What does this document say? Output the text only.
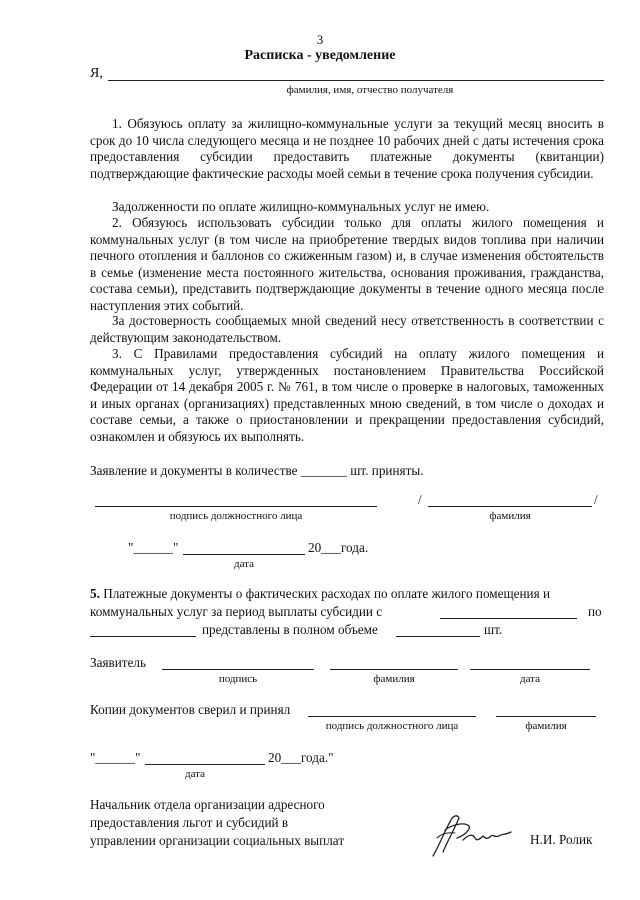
3
Расписка - уведомление
Я,
фамилия, имя, отчество получателя
1. Обязуюсь оплату за жилищно-коммунальные услуги за текущий месяц вносить в срок до 10 числа следующего месяца и не позднее 10 рабочих дней с даты истечения срока предоставления субсидии предоставить платежные документы (квитанции) подтверждающие фактические расходы моей семьи в течение срока получения субсидии.
Задолженности по оплате жилищно-коммунальных услуг не имею.
2. Обязуюсь использовать субсидии только для оплаты жилого помещения и коммунальных услуг (в том числе на приобретение твердых видов топлива при наличии печного отопления и баллонов со сжиженным газом) и, в случае изменения обстоятельств в семье (изменение места постоянного жительства, основания проживания, гражданства, состава семьи), представить подтверждающие документы в течение одного месяца после наступления этих событий.
За достоверность сообщаемых мной сведений несу ответственность в соответствии с действующим законодательством.
3. С Правилами предоставления субсидий на оплату жилого помещения и коммунальных услуг, утвержденных постановлением Правительства Российской Федерации от 14 декабря 2005 г. № 761, в том числе о проверке в налоговых, таможенных и иных органах (организациях) представленных мною сведений, в том числе о доходах и составе семьи, а также о приостановлении и прекращении предоставления субсидий, ознакомлен и обязуюсь их выполнять.
Заявление и документы в количестве _______ шт. приняты.
подпись должностного лица
/	/
фамилия
"______"	20___года.
дата
5. Платежные документы о фактических расходах по оплате жилого помещения и
коммунальных услуг за период выплаты субсидии с	по
представлены в полном объеме	шт.
Заявитель
подпись	фамилия	дата
Копии документов сверил и принял
подпись должностного лица	фамилия
"______"	20___года."
дата
Начальник отдела организации адресного
предоставления льгот и субсидий в
управлении организации социальных выплат	Н.И. Ролик
